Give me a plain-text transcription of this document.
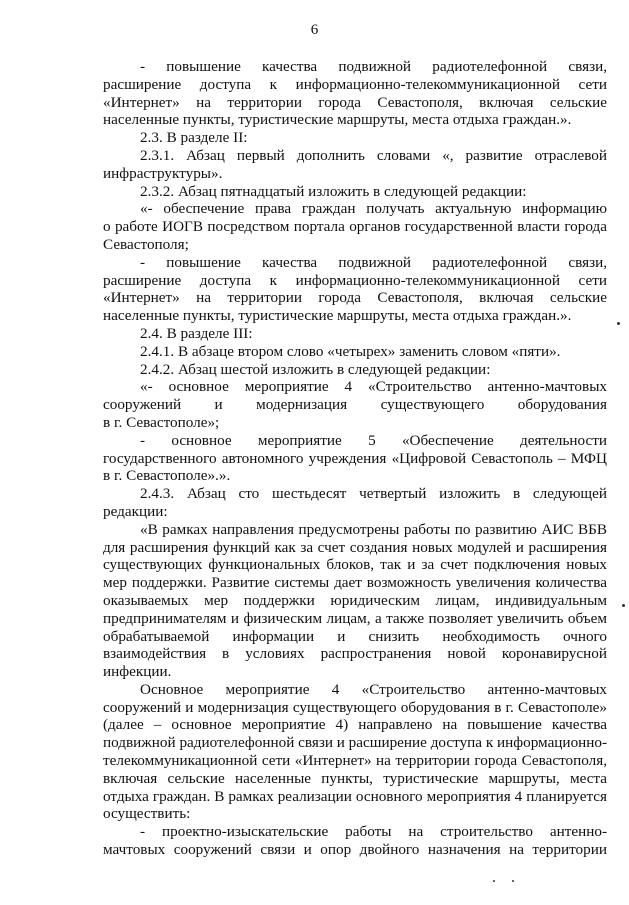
6
- повышение качества подвижной радиотелефонной связи,
расширение доступа к информационно-телекоммуникационной сети
«Интернет» на территории города Севастополя, включая сельские
населенные пункты, туристические маршруты, места отдыха граждан.».
2.3. В разделе II:
2.3.1. Абзац первый дополнить словами «, развитие отраслевой
инфраструктуры».
2.3.2. Абзац пятнадцатый изложить в следующей редакции:
«- обеспечение права граждан получать актуальную информацию
о работе ИОГВ посредством портала органов государственной власти города
Севастополя;
- повышение качества подвижной радиотелефонной связи,
расширение доступа к информационно-телекоммуникационной сети
«Интернет» на территории города Севастополя, включая сельские
населенные пункты, туристические маршруты, места отдыха граждан.».
2.4. В разделе III:
2.4.1. В абзаце втором слово «четырех» заменить словом «пяти».
2.4.2. Абзац шестой изложить в следующей редакции:
«- основное мероприятие 4 «Строительство антенно-мачтовых
сооружений и модернизация существующего оборудования
в г. Севастополе»;
- основное мероприятие 5 «Обеспечение деятельности
государственного автономного учреждения «Цифровой Севастополь – МФЦ
в г. Севастополе».».
2.4.3. Абзац сто шестьдесят четвертый изложить в следующей
редакции:
«В рамках направления предусмотрены работы по развитию АИС ВБВ
для расширения функций как за счет создания новых модулей и расширения
существующих функциональных блоков, так и за счет подключения новых
мер поддержки. Развитие системы дает возможность увеличения количества
оказываемых мер поддержки юридическим лицам, индивидуальным
предпринимателям и физическим лицам, а также позволяет увеличить объем
обрабатываемой информации и снизить необходимость очного
взаимодействия в условиях распространения новой коронавирусной
инфекции.
Основное мероприятие 4 «Строительство антенно-мачтовых
сооружений и модернизация существующего оборудования в г. Севастополе»
(далее – основное мероприятие 4) направлено на повышение качества
подвижной радиотелефонной связи и расширение доступа к информационно-
телекоммуникационной сети «Интернет» на территории города Севастополя,
включая сельские населенные пункты, туристические маршруты, места
отдыха граждан. В рамках реализации основного мероприятия 4 планируется
осуществить:
- проектно-изыскательские работы на строительство антенно-
мачтовых сооружений связи и опор двойного назначения на территории
